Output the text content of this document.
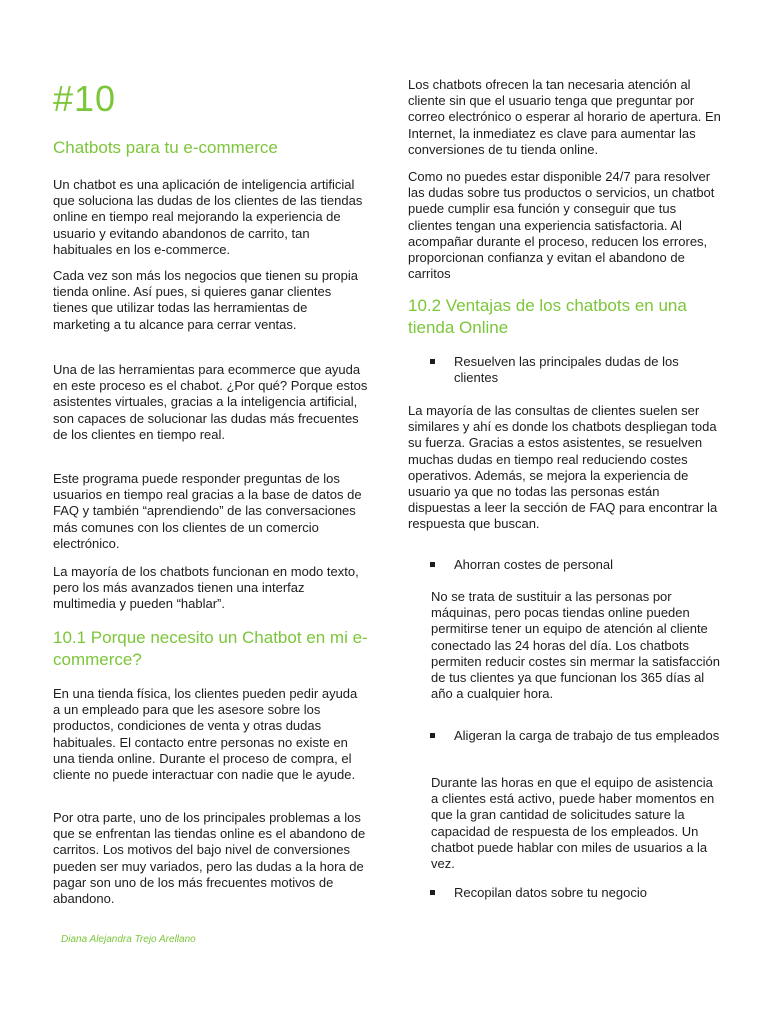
#10
Chatbots para tu e-commerce

Un chatbot es una aplicación de inteligencia artificial que soluciona las dudas de los clientes de las tiendas online en tiempo real mejorando la experiencia de usuario y evitando abandonos de carrito, tan habituales en los e-commerce.

Cada vez son más los negocios que tienen su propia tienda online. Así pues, si quieres ganar clientes tienes que utilizar todas las herramientas de marketing a tu alcance para cerrar ventas.

Una de las herramientas para ecommerce que ayuda en este proceso es el chabot. ¿Por qué? Porque estos asistentes virtuales, gracias a la inteligencia artificial, son capaces de solucionar las dudas más frecuentes de los clientes en tiempo real.

Este programa puede responder preguntas de los usuarios en tiempo real gracias a la base de datos de FAQ y también “aprendiendo” de las conversaciones más comunes con los clientes de un comercio electrónico.

La mayoría de los chatbots funcionan en modo texto, pero los más avanzados tienen una interfaz multimedia y pueden “hablar”.

10.1 Porque necesito un Chatbot en mi e-commerce?

En una tienda física, los clientes pueden pedir ayuda a un empleado para que les asesore sobre los productos, condiciones de venta y otras dudas habituales. El contacto entre personas no existe en una tienda online. Durante el proceso de compra, el cliente no puede interactuar con nadie que le ayude.

Por otra parte, uno de los principales problemas a los que se enfrentan las tiendas online es el abandono de carritos. Los motivos del bajo nivel de conversiones pueden ser muy variados, pero las dudas a la hora de pagar son uno de los más frecuentes motivos de abandono.

Los chatbots ofrecen la tan necesaria atención al cliente sin que el usuario tenga que preguntar por correo electrónico o esperar al horario de apertura. En Internet, la inmediatez es clave para aumentar las conversiones de tu tienda online.

Como no puedes estar disponible 24/7 para resolver las dudas sobre tus productos o servicios, un chatbot puede cumplir esa función y conseguir que tus clientes tengan una experiencia satisfactoria. Al acompañar durante el proceso, reducen los errores, proporcionan confianza y evitan el abandono de carritos

10.2 Ventajas de los chatbots en una tienda Online
Resuelven las principales dudas de los clientes

La mayoría de las consultas de clientes suelen ser similares y ahí es donde los chatbots despliegan toda su fuerza. Gracias a estos asistentes, se resuelven muchas dudas en tiempo real reduciendo costes operativos. Además, se mejora la experiencia de usuario ya que no todas las personas están dispuestas a leer la sección de FAQ para encontrar la respuesta que buscan.

Ahorran costes de personal

No se trata de sustituir a las personas por máquinas, pero pocas tiendas online pueden permitirse tener un equipo de atención al cliente conectado las 24 horas del día. Los chatbots permiten reducir costes sin mermar la satisfacción de tus clientes ya que funcionan los 365 días al año a cualquier hora.

Aligeran la carga de trabajo de tus empleados

Durante las horas en que el equipo de asistencia a clientes está activo, puede haber momentos en que la gran cantidad de solicitudes sature la capacidad de respuesta de los empleados. Un chatbot puede hablar con miles de usuarios a la vez.

Recopilan datos sobre tu negocio
Diana Alejandra Trejo Arellano
